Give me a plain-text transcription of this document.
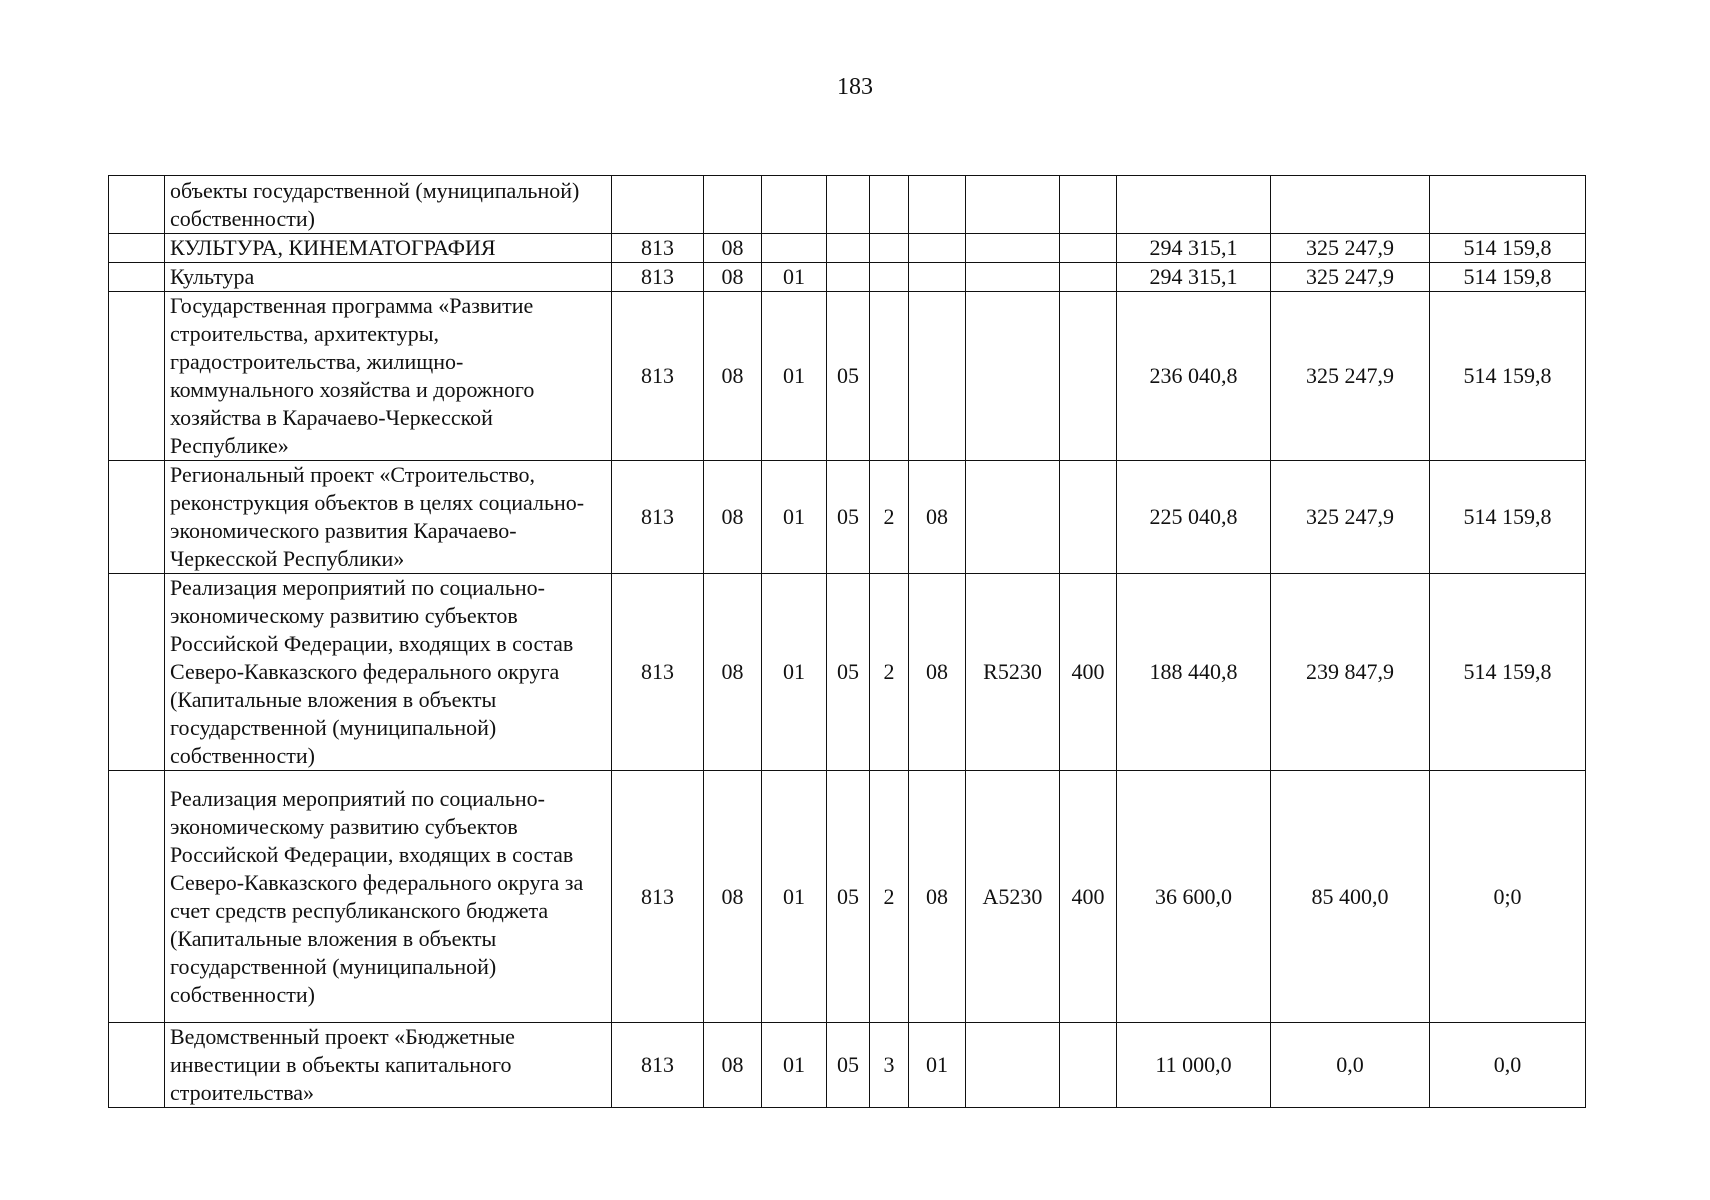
183
	объекты государственной (муниципальной) собственности)											
	КУЛЬТУРА, КИНЕМАТОГРАФИЯ	813	08							294 315,1	325 247,9	514 159,8
	Культура	813	08	01						294 315,1	325 247,9	514 159,8
	Государственная программа «Развитие строительства, архитектуры, градостроительства, жилищно-коммунального хозяйства и дорожного хозяйства в Карачаево-Черкесской Республике»	813	08	01	05					236 040,8	325 247,9	514 159,8
	Региональный проект «Строительство, реконструкция объектов в целях социально-экономического развития Карачаево-Черкесской Республики»	813	08	01	05	2	08			225 040,8	325 247,9	514 159,8
	Реализация мероприятий по социально-экономическому развитию субъектов Российской Федерации, входящих в состав Северо-Кавказского федерального округа (Капитальные вложения в объекты государственной (муниципальной) собственности)	813	08	01	05	2	08	R5230	400	188 440,8	239 847,9	514 159,8
	Реализация мероприятий по социально-экономическому развитию субъектов Российской Федерации, входящих в состав Северо-Кавказского федерального округа за счет средств республиканского бюджета (Капитальные вложения в объекты государственной (муниципальной) собственности)	813	08	01	05	2	08	А5230	400	36 600,0	85 400,0	0;0
	Ведомственный проект «Бюджетные инвестиции в объекты капитального строительства»	813	08	01	05	3	01			11 000,0	0,0	0,0
